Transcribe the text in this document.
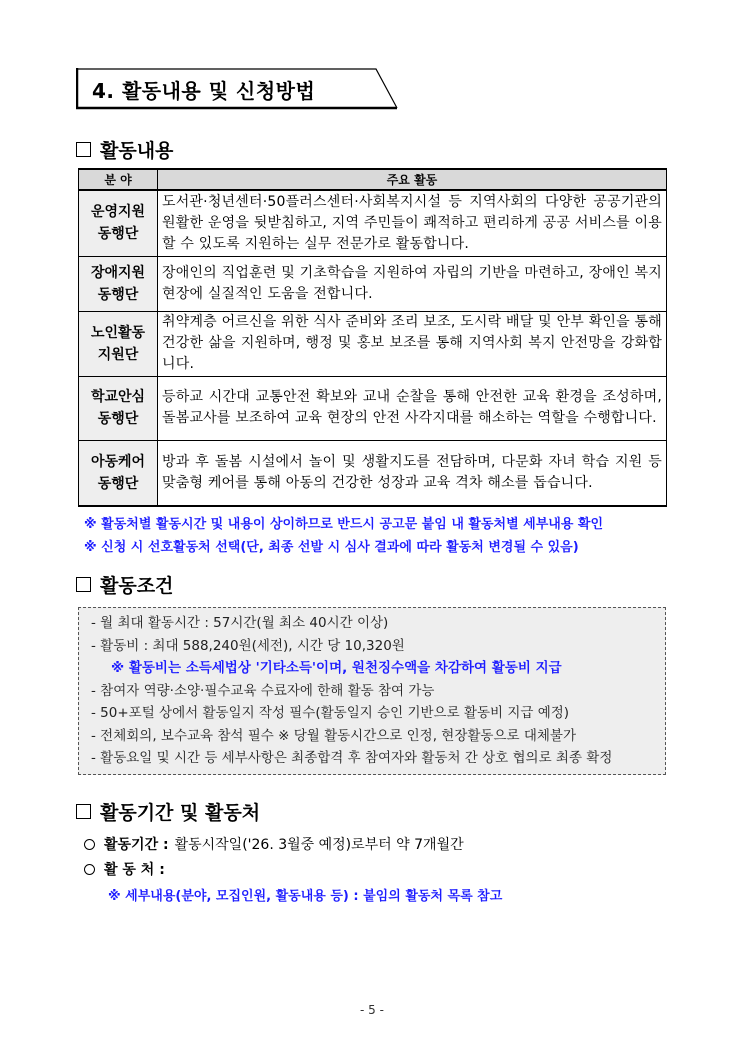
4. 활동내용 및 신청방법
활동내용
분 야	주요 활동
운영지원
동행단	도서관·청년센터·50플러스센터·사회복지시설 등 지역사회의 다양한 공공기관의 원활한 운영을 뒷받침하고, 지역 주민들이 쾌적하고 편리하게 공공 서비스를 이용할 수 있도록 지원하는 실무 전문가로 활동합니다.
장애지원
동행단	장애인의 직업훈련 및 기초학습을 지원하여 자립의 기반을 마련하고, 장애인 복지 현장에 실질적인 도움을 전합니다.
노인활동
지원단	취약계층 어르신을 위한 식사 준비와 조리 보조, 도시락 배달 및 안부 확인을 통해 건강한 삶을 지원하며, 행정 및 홍보 보조를 통해 지역사회 복지 안전망을 강화합니다.
학교안심
동행단	등하교 시간대 교통안전 확보와 교내 순찰을 통해 안전한 교육 환경을 조성하며, 돌봄교사를 보조하여 교육 현장의 안전 사각지대를 해소하는 역할을 수행합니다.
아동케어
동행단	방과 후 돌봄 시설에서 놀이 및 생활지도를 전담하며, 다문화 자녀 학습 지원 등 맞춤형 케어를 통해 아동의 건강한 성장과 교육 격차 해소를 돕습니다.
※ 활동처별 활동시간 및 내용이 상이하므로 반드시 공고문 붙임 내 활동처별 세부내용 확인
※ 신청 시 선호활동처 선택(단, 최종 선발 시 심사 결과에 따라 활동처 변경될 수 있음)
활동조건
- 월 최대 활동시간 : 57시간(월 최소 40시간 이상)
- 활동비 : 최대 588,240원(세전), 시간 당 10,320원
※ 활동비는 소득세법상 '기타소득'이며, 원천징수액을 차감하여 활동비 지급
- 참여자 역량·소양·필수교육 수료자에 한해 활동 참여 가능
- 50+포털 상에서 활동일지 작성 필수(활동일지 승인 기반으로 활동비 지급 예정)
- 전체회의, 보수교육 참석 필수 ※ 당월 활동시간으로 인정, 현장활동으로 대체불가
- 활동요일 및 시간 등 세부사항은 최종합격 후 참여자와 활동처 간 상호 협의로 최종 확정
활동기간 및 활동처
활동기간 : 활동시작일('26. 3월중 예정)로부터 약 7개월간
활 동 처 :
※ 세부내용(분야, 모집인원, 활동내용 등) : 붙임의 활동처 목록 참고
- 5 -
